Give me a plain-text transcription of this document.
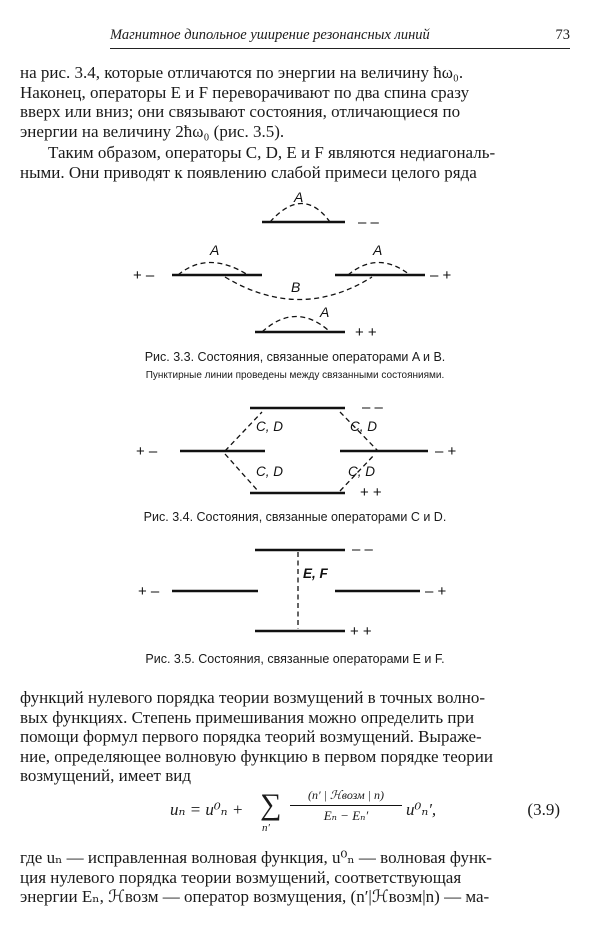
Магнитное дипольное уширение резонансных линий	73
на рис. 3.4, которые отличаются по энергии на величину ħω₀.
Наконец, операторы E и F переворачивают по два спина сразу
вверх или вниз; они связывают состояния, отличающиеся по
энергии на величину 2ħω₀ (рис. 3.5).
Таким образом, операторы C, D, E и F являются недиагональ-
ными. Они приводят к появлению слабой примеси целого ряда
A
A	A
A
B
– –
+ –	– +
+ +
Рис. 3.3. Состояния, связанные операторами A и B.
Пунктирные линии проведены между связанными состояниями.
C, D	C, D
C, D	C, D
– –
+ –	– +
+ +
Рис. 3.4. Состояния, связанные операторами C и D.
E, F
– –
+ –	– +
+ +
Рис. 3.5. Состояния, связанные операторами E и F.
функций нулевого порядка теории возмущений в точных волно-
вых функциях. Степень примешивания можно определить при
помощи формул первого порядка теорий возмущений. Выраже-
ние, определяющее волновую функцию в первом порядке теории
возмущений, имеет вид
uₙ = u⁰ₙ + ∑
n′
(n′ | ℋвозм | n)
Eₙ − Eₙ′	u⁰ₙ′,	(3.9)
где uₙ — исправленная волновая функция, u⁰ₙ — волновая функ-
ция нулевого порядка теории возмущений, соответствующая
энергии Eₙ, ℋвозм — оператор возмущения, (n′|ℋвозм|n) — ма-
